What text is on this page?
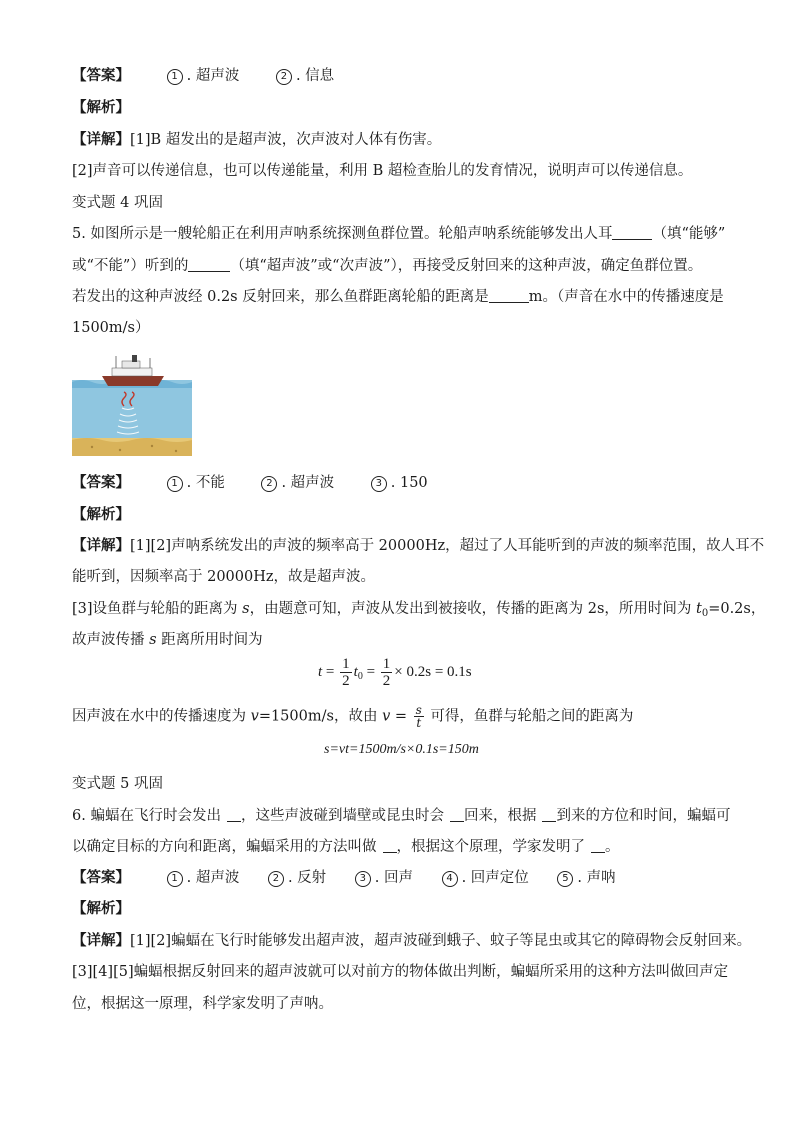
【答案】	1 . 超声波	2 . 信息
【解析】
【详解】[1]B 超发出的是超声波，次声波对人体有伤害。
[2]声音可以传递信息，也可以传递能量，利用 B 超检查胎儿的发育情况，说明声可以传递信息。
变式题 4 巩固
5. 如图所示是一艘轮船正在利用声呐系统探测鱼群位置。轮船声呐系统能够发出人耳	（填“能够”
或“不能”）听到的	（填“超声波”或“次声波”），再接受反射回来的这种声波，确定鱼群位置。
若发出的这种声波经 0.2s 反射回来，那么鱼群距离轮船的距离是	m。（声音在水中的传播速度是
1500m/s）
【答案】	1 . 不能	2 . 超声波	3 . 150
【解析】
【详解】[1][2]声呐系统发出的声波的频率高于 20000Hz，超过了人耳能听到的声波的频率范围，故人耳不
能听到，因频率高于 20000Hz，故是超声波。
[3]设鱼群与轮船的距离为 s，由题意可知，声波从发出到被接收，传播的距离为 2s，所用时间为 $t_0=0.2s$，
故声波传播 s 距离所用时间为
$t = \frac{1}{2} t_0 = \frac{1}{2} \times 0.2s = 0.1s$
因声波在水中的传播速度为 v=1500m/s，故由 $v = \frac{s}{t}$ 可得，鱼群与轮船之间的距离为
s=vt=1500m/s×0.1s=150m
变式题 5 巩固
6. 蝙蝠在飞行时会发出 ，这些声波碰到墙壁或昆虫时会 回来，根据 到来的方位和时间，蝙蝠可
以确定目标的方向和距离，蝙蝠采用的方法叫做 ，根据这个原理，学家发明了 。
【答案】	1 . 超声波	2 . 反射	3 . 回声	4 . 回声定位	5 . 声呐
【解析】
【详解】[1][2]蝙蝠在飞行时能够发出超声波，超声波碰到蛾子、蚊子等昆虫或其它的障碍物会反射回来。
[3][4][5]蝙蝠根据反射回来的超声波就可以对前方的物体做出判断，蝙蝠所采用的这种方法叫做回声定
位，根据这一原理，科学家发明了声呐。
